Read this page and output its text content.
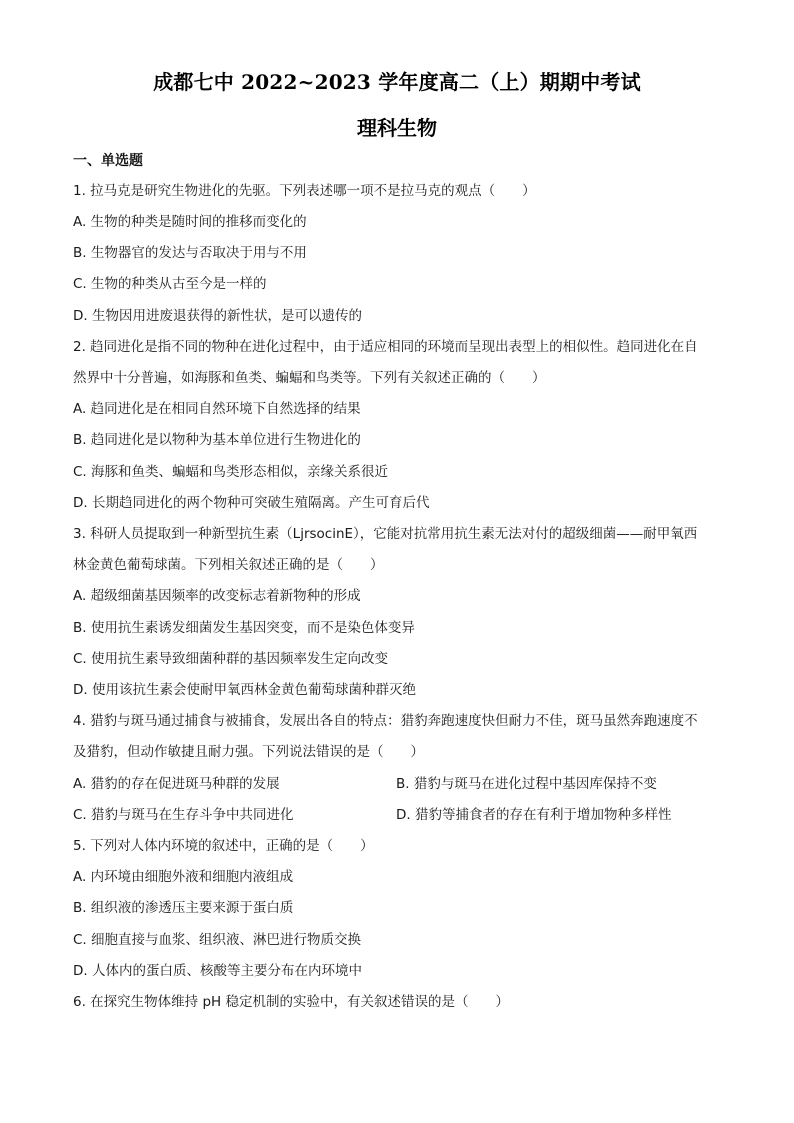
成都七中 2022~2023 学年度高二（上）期期中考试
理科生物
一、单选题
1. 拉马克是研究生物进化的先驱。下列表述哪一项不是拉马克的观点（　　）
A. 生物的种类是随时间的推移而变化的
B. 生物器官的发达与否取决于用与不用
C. 生物的种类从古至今是一样的
D. 生物因用进废退获得的新性状，是可以遗传的
2. 趋同进化是指不同的物种在进化过程中，由于适应相同的环境而呈现出表型上的相似性。趋同进化在自
然界中十分普遍，如海豚和鱼类、蝙蝠和鸟类等。下列有关叙述正确的（　　）
A. 趋同进化是在相同自然环境下自然选择的结果
B. 趋同进化是以物种为基本单位进行生物进化的
C. 海豚和鱼类、蝙蝠和鸟类形态相似，亲缘关系很近
D. 长期趋同进化的两个物种可突破生殖隔离。产生可育后代
3. 科研人员提取到一种新型抗生素（LjrsocinE），它能对抗常用抗生素无法对付的超级细菌——耐甲氧西
林金黄色葡萄球菌。下列相关叙述正确的是（　　）
A. 超级细菌基因频率的改变标志着新物种的形成
B. 使用抗生素诱发细菌发生基因突变，而不是染色体变异
C. 使用抗生素导致细菌种群的基因频率发生定向改变
D. 使用该抗生素会使耐甲氧西林金黄色葡萄球菌种群灭绝
4. 猎豹与斑马通过捕食与被捕食，发展出各自的特点：猎豹奔跑速度快但耐力不佳，斑马虽然奔跑速度不
及猎豹，但动作敏捷且耐力强。下列说法错误的是（　　）
A. 猎豹的存在促进斑马种群的发展	B. 猎豹与斑马在进化过程中基因库保持不变
C. 猎豹与斑马在生存斗争中共同进化	D. 猎豹等捕食者的存在有利于增加物种多样性
5. 下列对人体内环境的叙述中，正确的是（　　）
A. 内环境由细胞外液和细胞内液组成
B. 组织液的渗透压主要来源于蛋白质
C. 细胞直接与血浆、组织液、淋巴进行物质交换
D. 人体内的蛋白质、核酸等主要分布在内环境中
6. 在探究生物体维持 pH 稳定机制的实验中，有关叙述错误的是（　　）
